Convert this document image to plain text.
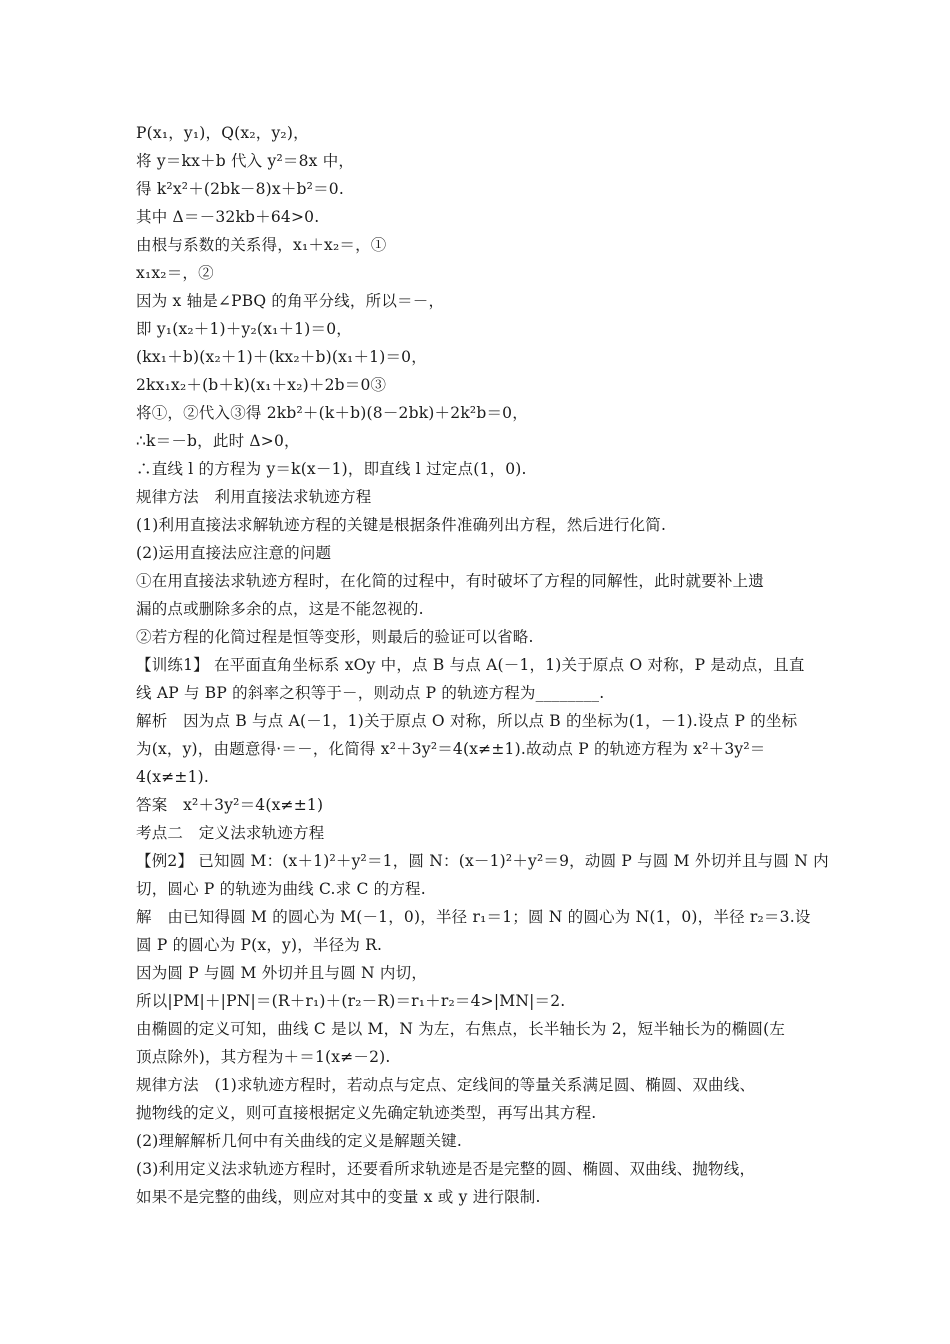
P(x₁，y₁)，Q(x₂，y₂)，
将 y＝kx＋b 代入 y²＝8x 中，
得 k²x²＋(2bk－8)x＋b²＝0.
其中 Δ＝－32kb＋64>0.
由根与系数的关系得，x₁＋x₂＝，①
x₁x₂＝，②
因为 x 轴是∠PBQ 的角平分线，所以＝－，
即 y₁(x₂＋1)＋y₂(x₁＋1)＝0，
(kx₁＋b)(x₂＋1)＋(kx₂＋b)(x₁＋1)＝0，
2kx₁x₂＋(b＋k)(x₁＋x₂)＋2b＝0③
将①，②代入③得 2kb²＋(k＋b)(8－2bk)＋2k²b＝0，
∴k＝－b，此时 Δ>0，
∴直线 l 的方程为 y＝k(x－1)，即直线 l 过定点(1，0).
规律方法　利用直接法求轨迹方程
(1)利用直接法求解轨迹方程的关键是根据条件准确列出方程，然后进行化简.
(2)运用直接法应注意的问题
①在用直接法求轨迹方程时，在化简的过程中，有时破坏了方程的同解性，此时就要补上遗
漏的点或删除多余的点，这是不能忽视的.
②若方程的化简过程是恒等变形，则最后的验证可以省略.
【训练1】 在平面直角坐标系 xOy 中，点 B 与点 A(－1，1)关于原点 O 对称，P 是动点，且直
线 AP 与 BP 的斜率之积等于－，则动点 P 的轨迹方程为________.
解析　因为点 B 与点 A(－1，1)关于原点 O 对称，所以点 B 的坐标为(1，－1).设点 P 的坐标
为(x，y)，由题意得·＝－，化简得 x²＋3y²＝4(x≠±1).故动点 P 的轨迹方程为 x²＋3y²＝
4(x≠±1).
答案　x²＋3y²＝4(x≠±1)
考点二　定义法求轨迹方程
【例2】 已知圆 M：(x＋1)²＋y²＝1，圆 N：(x－1)²＋y²＝9，动圆 P 与圆 M 外切并且与圆 N 内
切，圆心 P 的轨迹为曲线 C.求 C 的方程.
解　由已知得圆 M 的圆心为 M(－1，0)，半径 r₁＝1；圆 N 的圆心为 N(1，0)，半径 r₂＝3.设
圆 P 的圆心为 P(x，y)，半径为 R.
因为圆 P 与圆 M 外切并且与圆 N 内切，
所以|PM|＋|PN|＝(R＋r₁)＋(r₂－R)＝r₁＋r₂＝4>|MN|＝2.
由椭圆的定义可知，曲线 C 是以 M，N 为左，右焦点，长半轴长为 2，短半轴长为的椭圆(左
顶点除外)，其方程为＋＝1(x≠－2).
规律方法　(1)求轨迹方程时，若动点与定点、定线间的等量关系满足圆、椭圆、双曲线、
抛物线的定义，则可直接根据定义先确定轨迹类型，再写出其方程.
(2)理解解析几何中有关曲线的定义是解题关键.
(3)利用定义法求轨迹方程时，还要看所求轨迹是否是完整的圆、椭圆、双曲线、抛物线，
如果不是完整的曲线，则应对其中的变量 x 或 y 进行限制.
